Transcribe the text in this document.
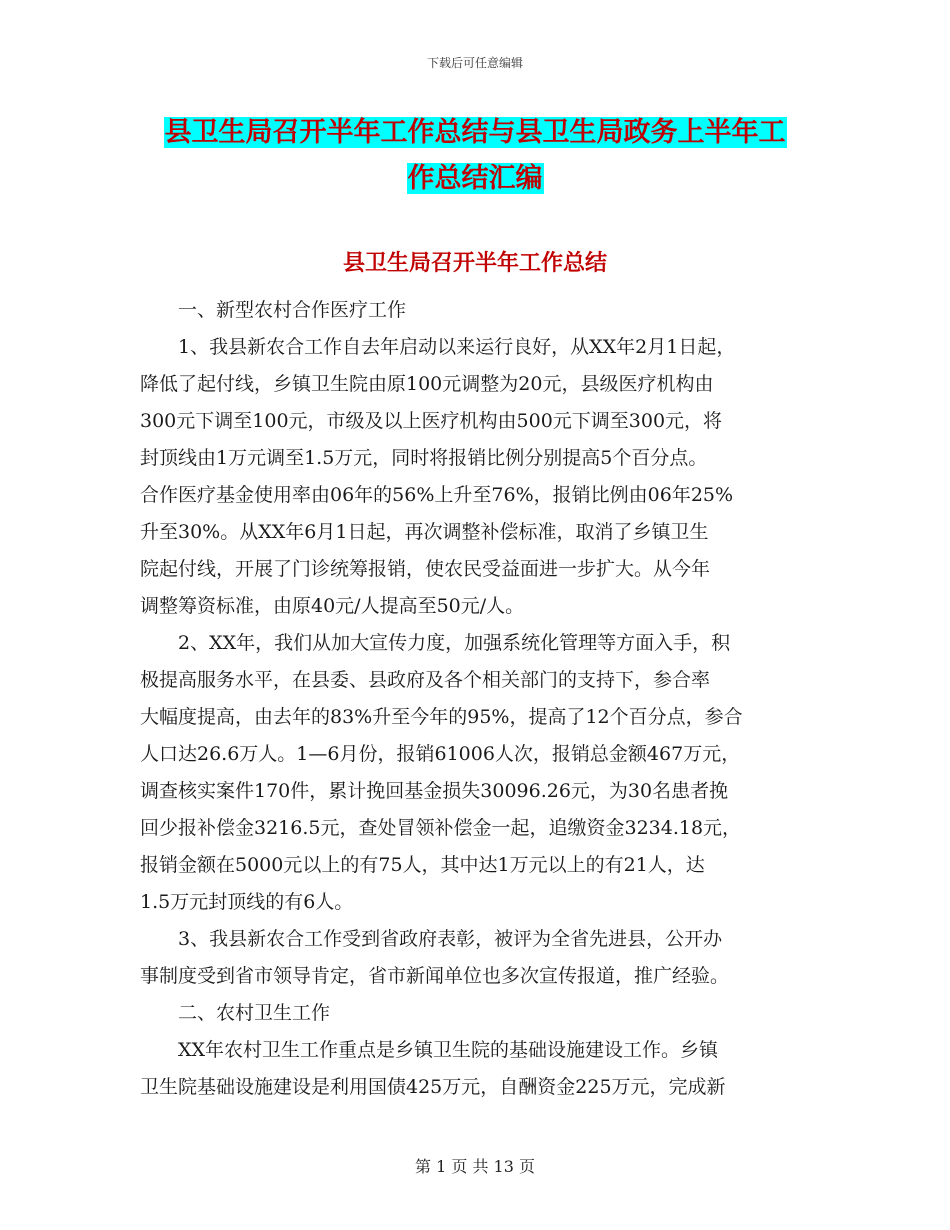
下载后可任意编辑
县卫生局召开半年工作总结与县卫生局政务上半年工
作总结汇编
县卫生局召开半年工作总结

一、新型农村合作医疗工作

1、我县新农合工作自去年启动以来运行良好，从XX年2月1日起，

降低了起付线，乡镇卫生院由原100元调整为20元，县级医疗机构由

300元下调至100元，市级及以上医疗机构由500元下调至300元，将

封顶线由1万元调至1.5万元，同时将报销比例分别提高5个百分点。

合作医疗基金使用率由06年的56%上升至76%，报销比例由06年25%

升至30%。从XX年6月1日起，再次调整补偿标准，取消了乡镇卫生

院起付线，开展了门诊统筹报销，使农民受益面进一步扩大。从今年

调整筹资标准，由原40元/人提高至50元/人。

2、XX年，我们从加大宣传力度，加强系统化管理等方面入手，积

极提高服务水平，在县委、县政府及各个相关部门的支持下，参合率

大幅度提高，由去年的83%升至今年的95%，提高了12个百分点，参合

人口达26.6万人。1—6月份，报销61006人次，报销总金额467万元，

调查核实案件170件，累计挽回基金损失30096.26元，为30名患者挽

回少报补偿金3216.5元，查处冒领补偿金一起，追缴资金3234.18元，

报销金额在5000元以上的有75人，其中达1万元以上的有21人，达

1.5万元封顶线的有6人。

3、我县新农合工作受到省政府表彰，被评为全省先进县，公开办

事制度受到省市领导肯定，省市新闻单位也多次宣传报道，推广经验。

二、农村卫生工作

XX年农村卫生工作重点是乡镇卫生院的基础设施建设工作。乡镇

卫生院基础设施建设是利用国债425万元，自酬资金225万元，完成新

第 1 页 共 13 页
